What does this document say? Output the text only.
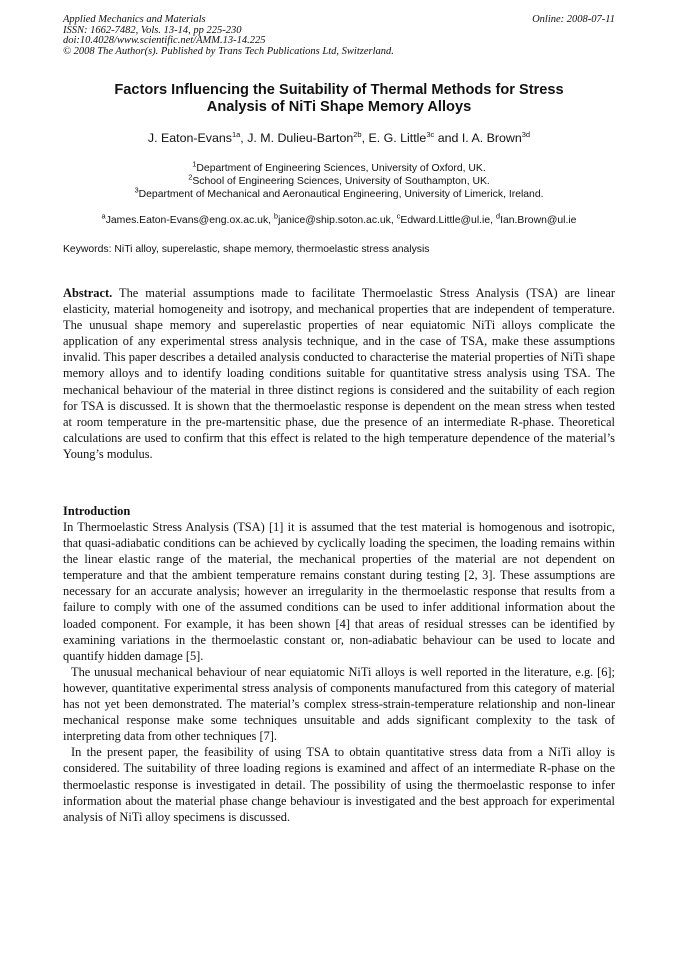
Applied Mechanics and Materials	Online: 2008-07-11
ISSN: 1662-7482, Vols. 13-14, pp 225-230
doi:10.4028/www.scientific.net/AMM.13-14.225
© 2008 The Author(s). Published by Trans Tech Publications Ltd, Switzerland.
Factors Influencing the Suitability of Thermal Methods for Stress
Analysis of NiTi Shape Memory Alloys
J. Eaton-Evans$^{1a}$, J. M. Dulieu-Barton$^{2b}$, E. G. Little$^{3c}$ and I. A. Brown$^{3d}$
$^1$Department of Engineering Sciences, University of Oxford, UK.
$^2$School of Engineering Sciences, University of Southampton, UK.
$^3$Department of Mechanical and Aeronautical Engineering, University of Limerick, Ireland.
$^a$James.Eaton-Evans@eng.ox.ac.uk, $^b$janice@ship.soton.ac.uk, $^c$Edward.Little@ul.ie, $^d$Ian.Brown@ul.ie
Keywords: NiTi alloy, superelastic, shape memory, thermoelastic stress analysis

Abstract. The material assumptions made to facilitate Thermoelastic Stress Analysis (TSA) are linear elasticity, material homogeneity and isotropy, and mechanical properties that are independent of temperature. The unusual shape memory and superelastic properties of near equiatomic NiTi alloys complicate the application of any experimental stress analysis technique, and in the case of TSA, make these assumptions invalid. This paper describes a detailed analysis conducted to characterise the material properties of NiTi shape memory alloys and to identify loading conditions suitable for quantitative stress analysis using TSA. The mechanical behaviour of the material in three distinct regions is considered and the suitability of each region for TSA is discussed. It is shown that the thermoelastic response is dependent on the mean stress when tested at room temperature in the pre-martensitic phase, due the presence of an intermediate R-phase. Theoretical calculations are used to confirm that this effect is related to the high temperature dependence of the material’s Young’s modulus.

Introduction

In Thermoelastic Stress Analysis (TSA) [1] it is assumed that the test material is homogenous and isotropic, that quasi-adiabatic conditions can be achieved by cyclically loading the specimen, the loading remains within the linear elastic range of the material, the mechanical properties of the material are not dependent on temperature and that the ambient temperature remains constant during testing [2, 3]. These assumptions are necessary for an accurate analysis; however an irregularity in the thermoelastic response that results from a failure to comply with one of the assumed conditions can be used to infer additional information about the loaded component. For example, it has been shown [4] that areas of residual stresses can be identified by examining variations in the thermoelastic constant or, non-adiabatic behaviour can be used to locate and quantify hidden damage [5].

The unusual mechanical behaviour of near equiatomic NiTi alloys is well reported in the literature, e.g. [6]; however, quantitative experimental stress analysis of components manufactured from this category of material has not yet been demonstrated. The material’s complex stress-strain-temperature relationship and non-linear mechanical response make some techniques unsuitable and adds significant complexity to the task of interpreting data from other techniques [7].

In the present paper, the feasibility of using TSA to obtain quantitative stress data from a NiTi alloy is considered. The suitability of three loading regions is examined and affect of an intermediate R-phase on the thermoelastic response is investigated in detail. The possibility of using the thermoelastic response to infer information about the material phase change behaviour is investigated and the best approach for experimental analysis of NiTi alloy specimens is discussed.
